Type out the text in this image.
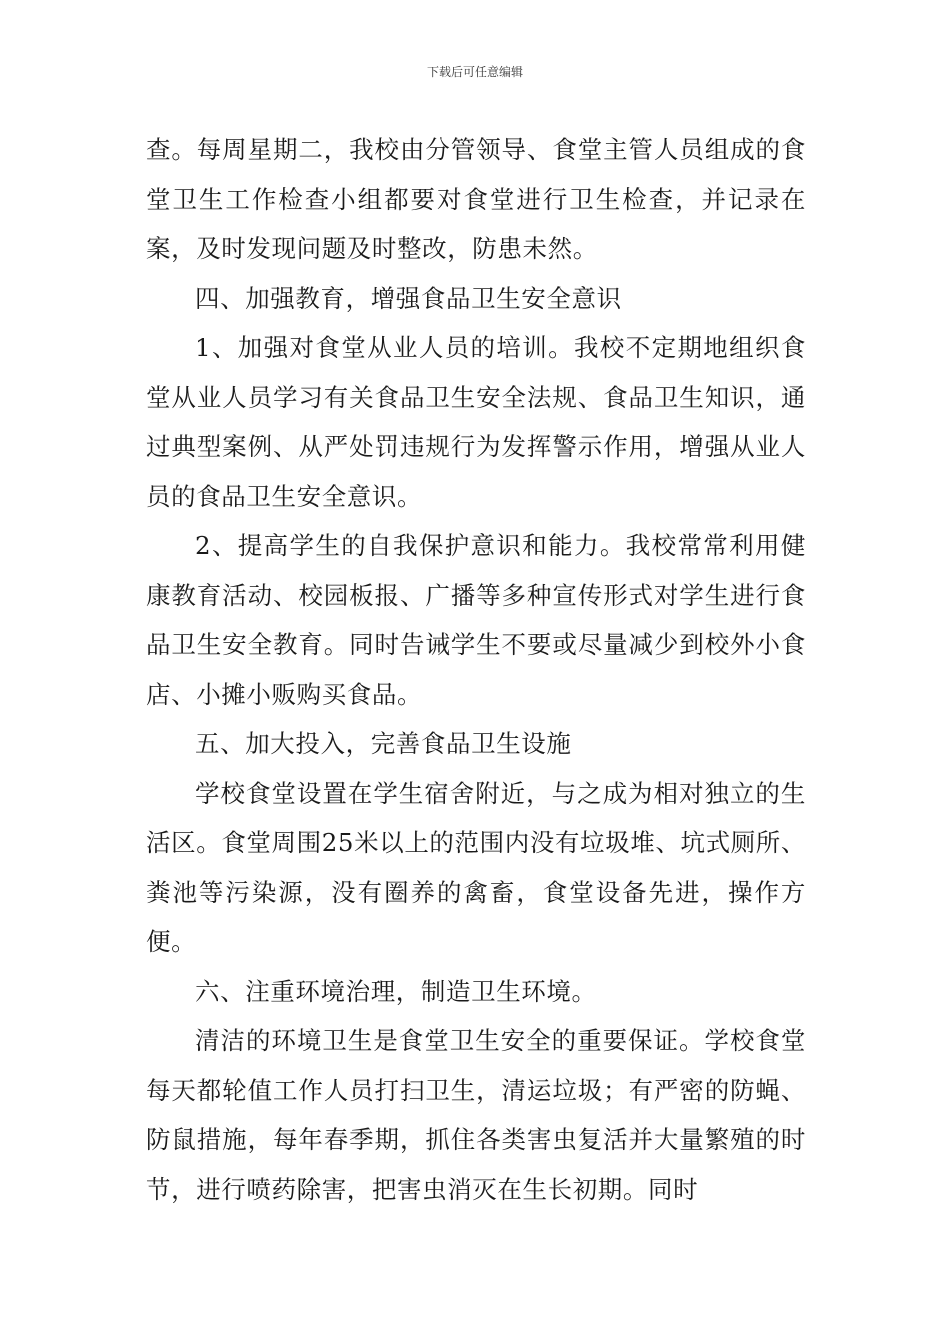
下载后可任意编辑

查。每周星期二，我校由分管领导、食堂主管人员组成的食堂卫生工作检查小组都要对食堂进行卫生检查，并记录在案，及时发现问题及时整改，防患未然。

四、加强教育，增强食品卫生安全意识

1、加强对食堂从业人员的培训。我校不定期地组织食堂从业人员学习有关食品卫生安全法规、食品卫生知识，通过典型案例、从严处罚违规行为发挥警示作用，增强从业人员的食品卫生安全意识。

2、提高学生的自我保护意识和能力。我校常常利用健康教育活动、校园板报、广播等多种宣传形式对学生进行食品卫生安全教育。同时告诫学生不要或尽量减少到校外小食店、小摊小贩购买食品。

五、加大投入，完善食品卫生设施

学校食堂设置在学生宿舍附近，与之成为相对独立的生活区。食堂周围25米以上的范围内没有垃圾堆、坑式厕所、粪池等污染源，没有圈养的禽畜，食堂设备先进，操作方便。

六、注重环境治理，制造卫生环境。

清洁的环境卫生是食堂卫生安全的重要保证。学校食堂每天都轮值工作人员打扫卫生，清运垃圾；有严密的防蝇、防鼠措施，每年春季期，抓住各类害虫复活并大量繁殖的时节，进行喷药除害，把害虫消灭在生长初期。同时
